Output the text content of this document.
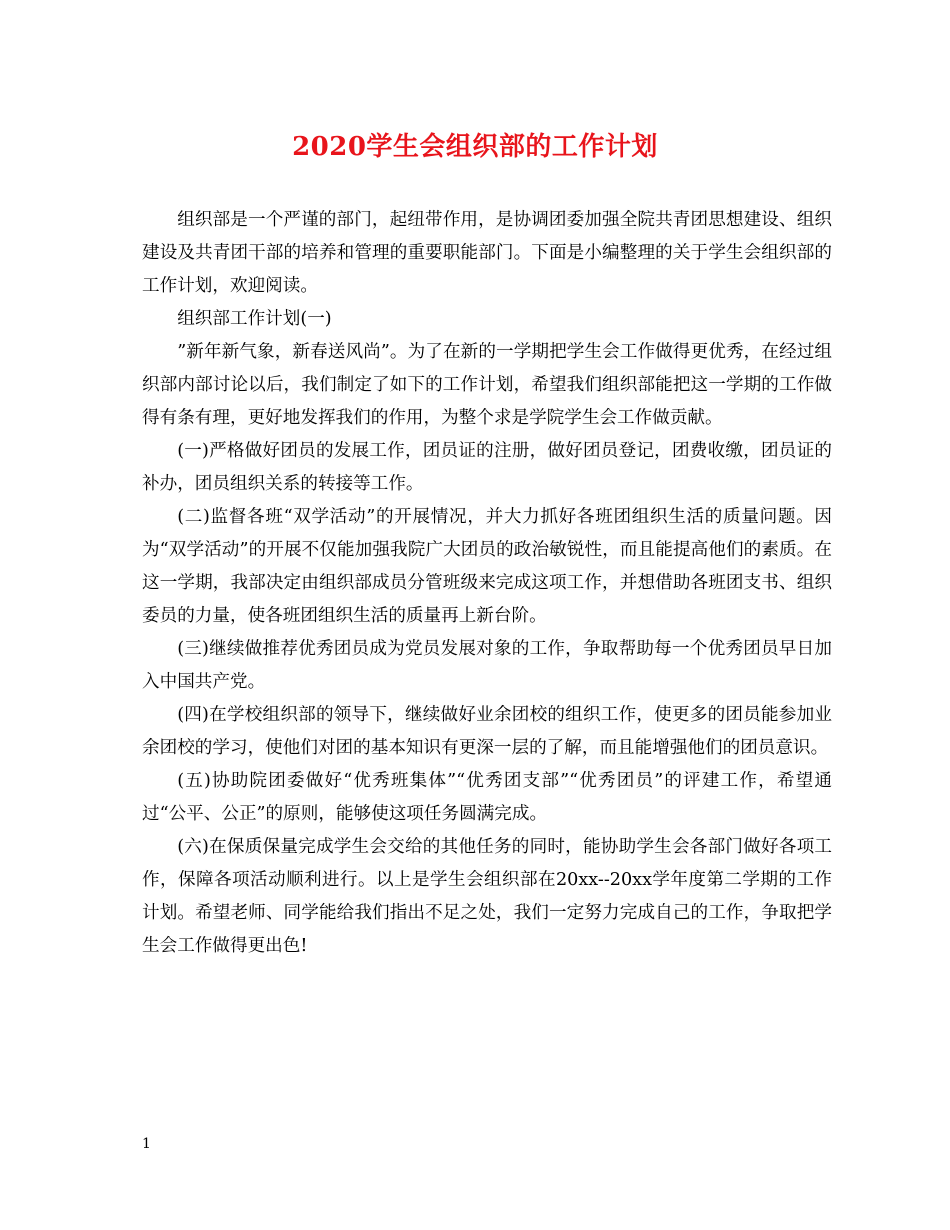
2020学生会组织部的工作计划

组织部是一个严谨的部门，起纽带作用，是协调团委加强全院共青团思想建设、组织建设及共青团干部的培养和管理的重要职能部门。下面是小编整理的关于学生会组织部的工作计划，欢迎阅读。

组织部工作计划(一)

”新年新气象，新春送风尚”。为了在新的一学期把学生会工作做得更优秀，在经过组织部内部讨论以后，我们制定了如下的工作计划，希望我们组织部能把这一学期的工作做得有条有理，更好地发挥我们的作用，为整个求是学院学生会工作做贡献。

(一)严格做好团员的发展工作，团员证的注册，做好团员登记，团费收缴，团员证的补办，团员组织关系的转接等工作。

(二)监督各班“双学活动”的开展情况，并大力抓好各班团组织生活的质量问题。因为“双学活动”的开展不仅能加强我院广大团员的政治敏锐性，而且能提高他们的素质。在这一学期，我部决定由组织部成员分管班级来完成这项工作，并想借助各班团支书、组织委员的力量，使各班团组织生活的质量再上新台阶。

(三)继续做推荐优秀团员成为党员发展对象的工作，争取帮助每一个优秀团员早日加入中国共产党。

(四)在学校组织部的领导下，继续做好业余团校的组织工作，使更多的团员能参加业余团校的学习，使他们对团的基本知识有更深一层的了解，而且能增强他们的团员意识。

(五)协助院团委做好“优秀班集体”“优秀团支部”“优秀团员”的评建工作，希望通过“公平、公正”的原则，能够使这项任务圆满完成。

(六)在保质保量完成学生会交给的其他任务的同时，能协助学生会各部门做好各项工作，保障各项活动顺利进行。以上是学生会组织部在20xx--20xx学年度第二学期的工作计划。希望老师、同学能给我们指出不足之处，我们一定努力完成自己的工作，争取把学生会工作做得更出色!

1
